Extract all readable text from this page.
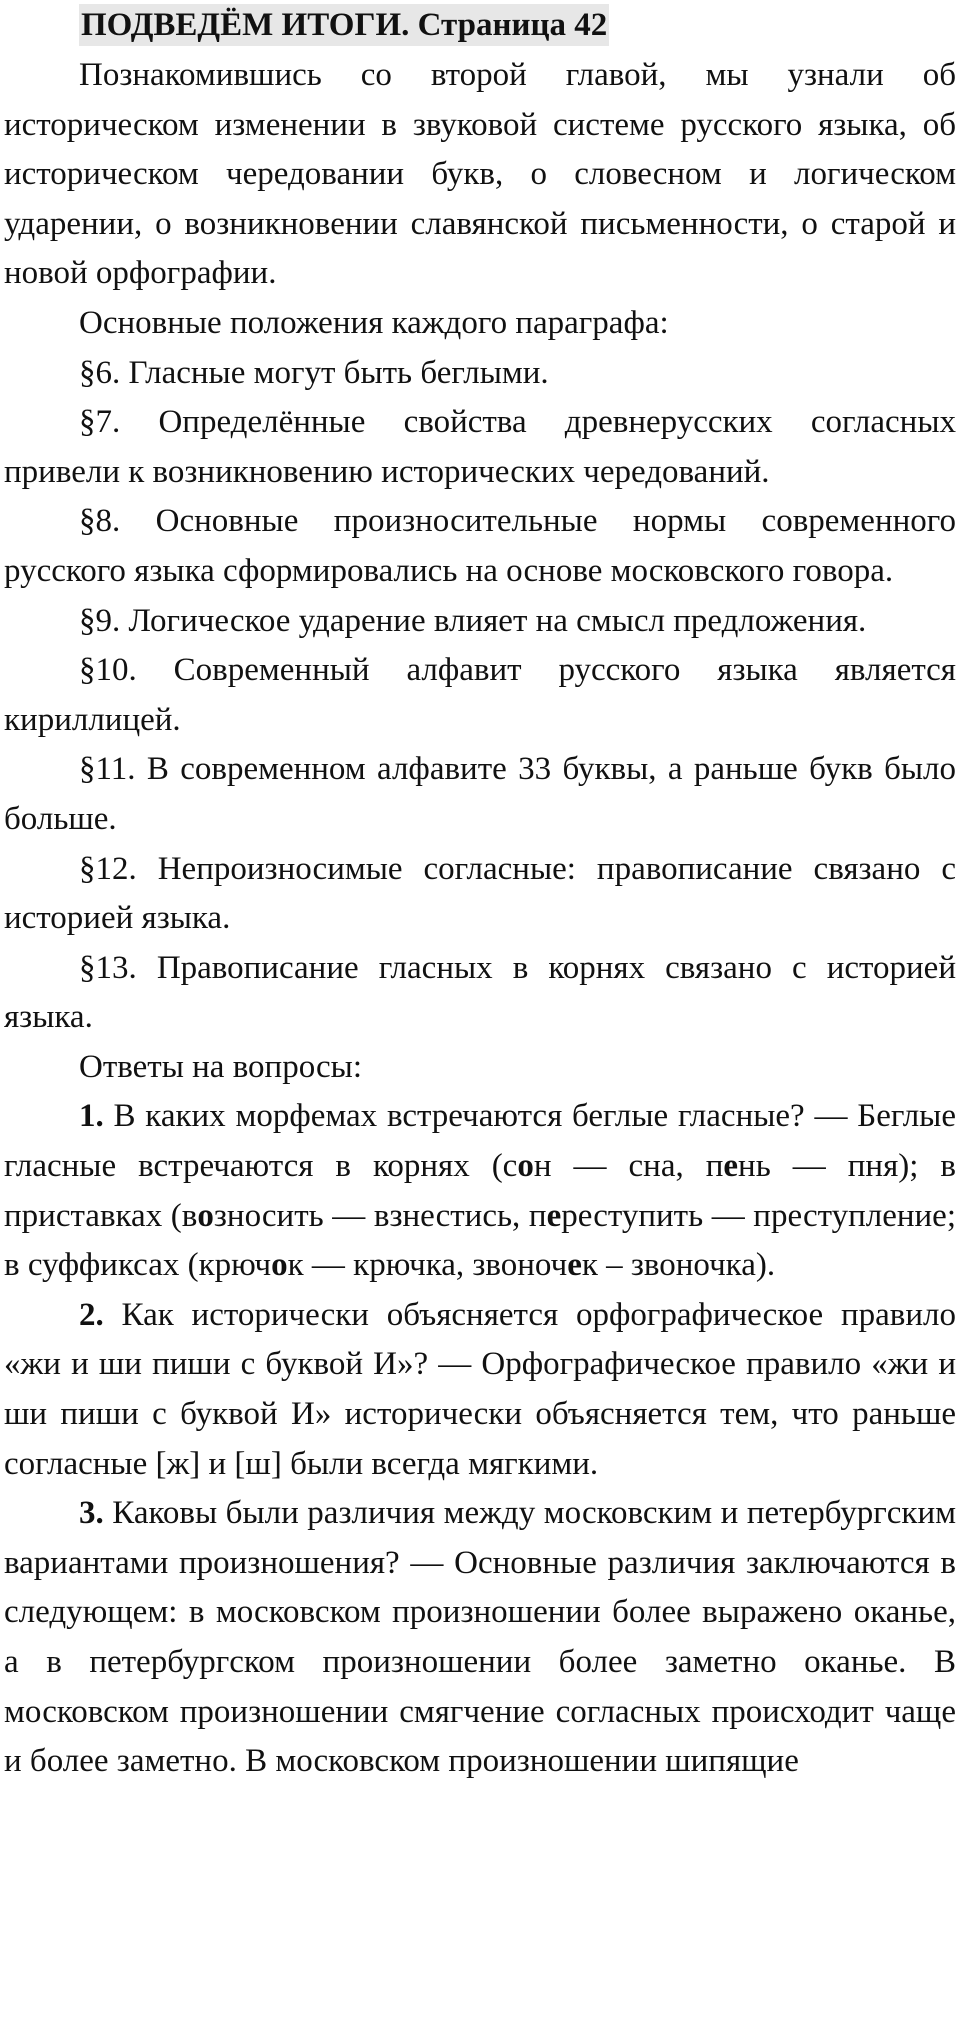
ПОДВЕДЁМ ИТОГИ. Страница 42

Познакомившись со второй главой, мы узнали об историческом изменении в звуковой системе русского языка, об историческом чередовании букв, о словесном и логическом ударении, о возникновении славянской письменности, о старой и новой орфографии.

Основные положения каждого параграфа:

§6. Гласные могут быть беглыми.

§7. Определённые свойства древнерусских согласных привели к возникновению исторических чередований.

§8. Основные произносительные нормы современного русского языка сформировались на основе московского говора.

§9. Логическое ударение влияет на смысл предложения.

§10. Современный алфавит русского языка является кириллицей.

§11. В современном алфавите 33 буквы, а раньше букв было больше.

§12. Непроизносимые согласные: правописание связано с историей языка.

§13. Правописание гласных в корнях связано с историей языка.

Ответы на вопросы:

1. В каких морфемах встречаются беглые гласные? — Беглые гласные встречаются в корнях (сон — сна, пень — пня); в приставках (возносить — взнестись, переступить — преступление; в суффиксах (крючок — крючка, звоночек – звоночка).

2. Как исторически объясняется орфографическое правило «жи и ши пиши с буквой И»? — Орфографическое правило «жи и ши пиши с буквой И» исторически объясняется тем, что раньше согласные [ж] и [ш] были всегда мягкими.

3. Каковы были различия между московским и петербургским вариантами произношения? — Основные различия заключаются в следующем: в московском произношении более выражено оканье, а в петербургском произношении более заметно оканье. В московском произношении смягчение согласных происходит чаще и более заметно. В московском произношении шипящие
